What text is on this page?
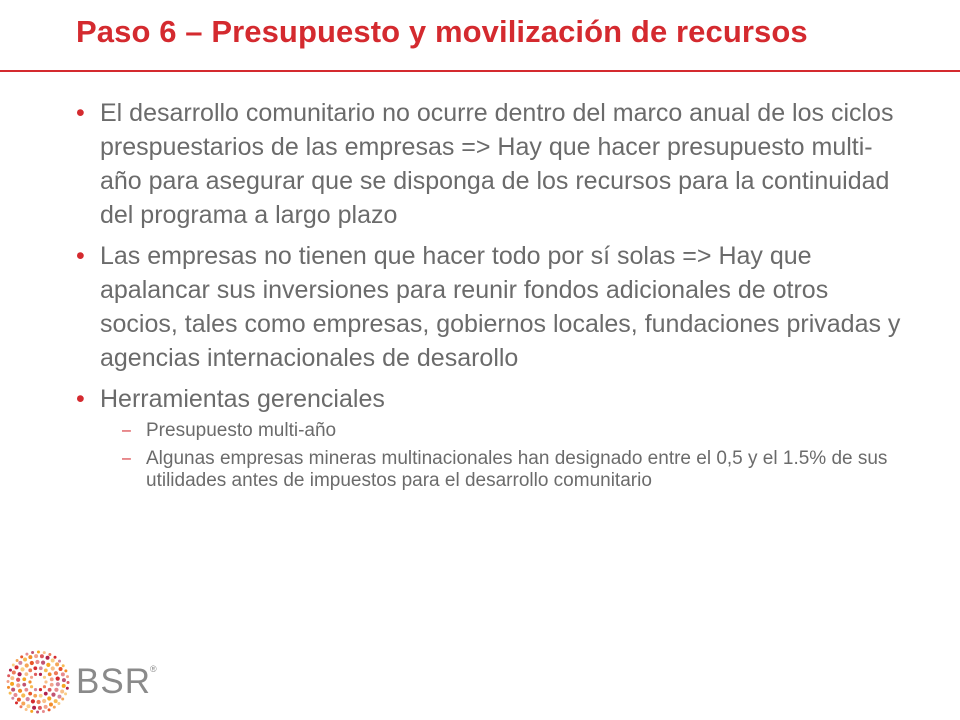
Paso 6 – Presupuesto y movilización de recursos
• El desarrollo comunitario no ocurre dentro del marco anual de los ciclos prespuestarios de las empresas => Hay que hacer presupuesto multi-año para asegurar que se disponga de los recursos para la continuidad del programa a largo plazo
• Las empresas no tienen que hacer todo por sí solas => Hay que apalancar sus inversiones para reunir fondos adicionales de otros socios, tales como empresas, gobiernos locales, fundaciones privadas y agencias internacionales de desarollo
• Herramientas gerenciales
– Presupuesto multi-año
– Algunas empresas mineras multinacionales han designado entre el 0,5 y el 1.5% de sus utilidades antes de impuestos para el desarrollo comunitario
BSR ®
